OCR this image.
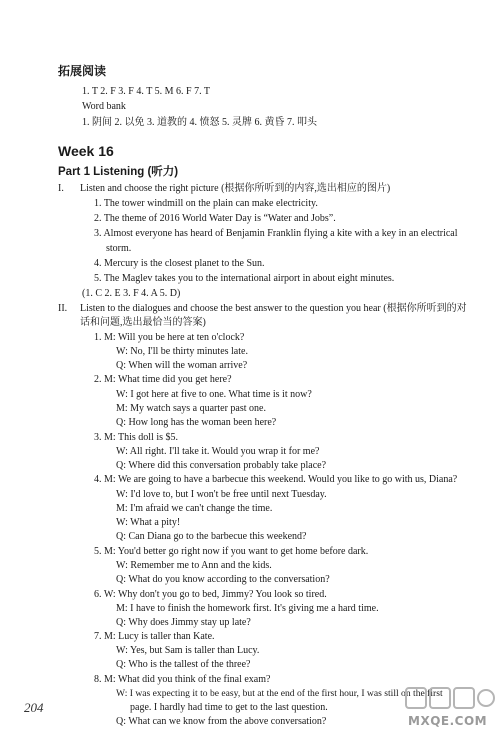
拓展阅读
1. T 2. F 3. F 4. T 5. M 6. F 7. T
Word bank
1. 阴间 2. 以免 3. 道教的 4. 愤怒 5. 灵牌 6. 黄昏 7. 叩头
Week 16
Part 1 Listening (听力)
I. Listen and choose the right picture (根据你所听到的内容,选出相应的图片)
1. The tower windmill on the plain can make electricity.
2. The theme of 2016 World Water Day is “Water and Jobs”.
3. Almost everyone has heard of Benjamin Franklin flying a kite with a key in an electrical
storm.
4. Mercury is the closest planet to the Sun.
5. The Maglev takes you to the international airport in about eight minutes.
(1. C 2. E 3. F 4. A 5. D)
II. Listen to the dialogues and choose the best answer to the question you hear (根据你所听到的对
话和问题,选出最恰当的答案)
1. M: Will you be here at ten o'clock?
W: No, I'll be thirty minutes late.
Q: When will the woman arrive?
2. M: What time did you get here?
W: I got here at five to one. What time is it now?
M: My watch says a quarter past one.
Q: How long has the woman been here?
3. M: This doll is $5.
W: All right. I'll take it. Would you wrap it for me?
Q: Where did this conversation probably take place?
4. M: We are going to have a barbecue this weekend. Would you like to go with us, Diana?
W: I'd love to, but I won't be free until next Tuesday.
M: I'm afraid we can't change the time.
W: What a pity!
Q: Can Diana go to the barbecue this weekend?
5. M: You'd better go right now if you want to get home before dark.
W: Remember me to Ann and the kids.
Q: What do you know according to the conversation?
6. W: Why don't you go to bed, Jimmy? You look so tired.
M: I have to finish the homework first. It's giving me a hard time.
Q: Why does Jimmy stay up late?
7. M: Lucy is taller than Kate.
W: Yes, but Sam is taller than Lucy.
Q: Who is the tallest of the three?
8. M: What did you think of the final exam?
W: I was expecting it to be easy, but at the end of the first hour, I was still on the first
page. I hardly had time to get to the last question.
Q: What can we know from the above conversation?
204
MXQE.COM
